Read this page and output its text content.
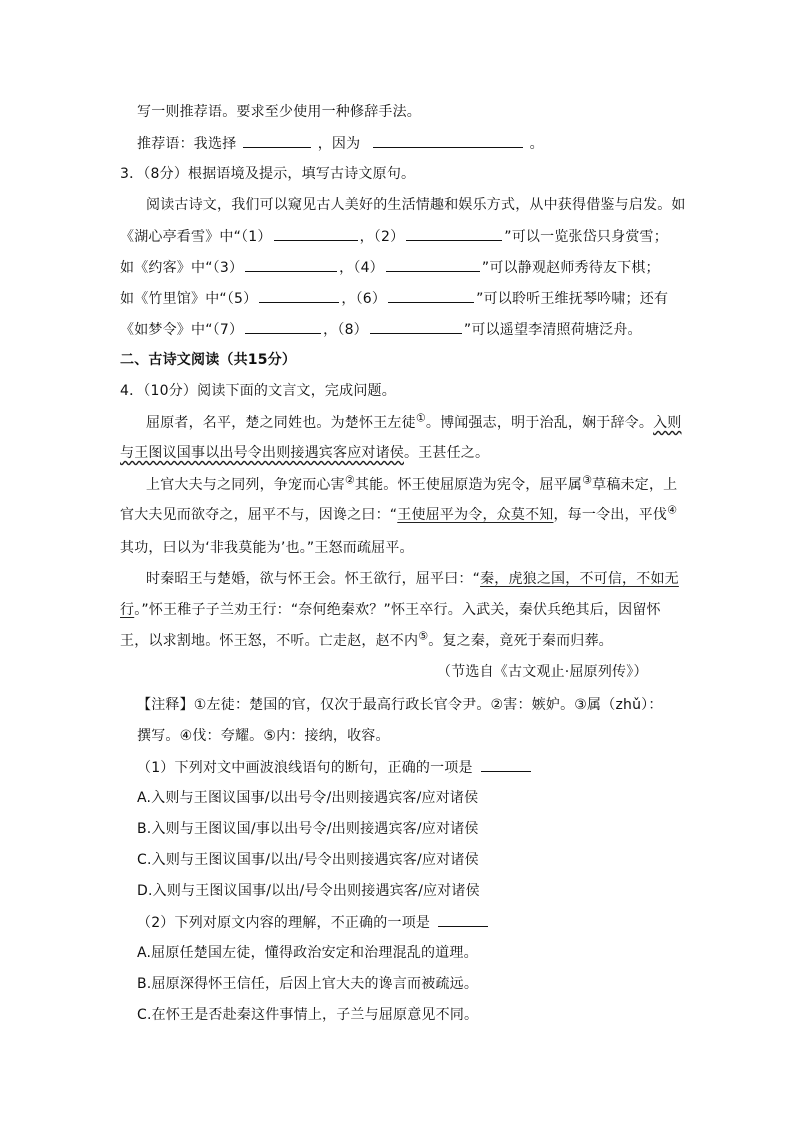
写一则推荐语。要求至少使用一种修辞手法。
推荐语：我选择	，因为	。
3．（8分）根据语境及提示，填写古诗文原句。
阅读古诗文，我们可以窥见古人美好的生活情趣和娱乐方式，从中获得借鉴与启发。如
《湖心亭看雪》中“（1）	，（2）	”可以一览张岱只身赏雪；
如《约客》中“（3）	，（4）	”可以静观赵师秀待友下棋；
如《竹里馆》中“（5）	，（6）	”可以聆听王维抚琴吟啸；还有
《如梦令》中“（7）	，（8）	”可以遥望李清照荷塘泛舟。
二、古诗文阅读（共15分）
4．（10分）阅读下面的文言文，完成问题。
屈原者，名平，楚之同姓也。为楚怀王左徒①。博闻强志，明于治乱，娴于辞令。入则
与王图议国事以出号令出则接遇宾客应对诸侯。王甚任之。
上官大夫与之同列，争宠而心害②其能。怀王使屈原造为宪令，屈平属③草稿未定，上
官大夫见而欲夺之，屈平不与，因谗之曰：“王使屈平为令，众莫不知，每一令出，平伐④
其功，曰以为‘非我莫能为’也。”王怒而疏屈平。
时秦昭王与楚婚，欲与怀王会。怀王欲行，屈平曰：“秦，虎狼之国，不可信，不如无
行。”怀王稚子子兰劝王行：“奈何绝秦欢？”怀王卒行。入武关，秦伏兵绝其后，因留怀
王，以求割地。怀王怒，不听。亡走赵，赵不内⑤。复之秦，竟死于秦而归葬。
（节选自《古文观止·屈原列传》）
【注释】①左徒：楚国的官，仅次于最高行政长官令尹。②害：嫉妒。③属（zhǔ）：
撰写。④伐：夸耀。⑤内：接纳，收容。
（1）下列对文中画波浪线语句的断句，正确的一项是
A.入则与王图议国事/以出号令/出则接遇宾客/应对诸侯
B.入则与王图议国/事以出号令/出则接遇宾客/应对诸侯
C.入则与王图议国事/以出/号令出则接遇宾客/应对诸侯
D.入则与王图议国事/以出/号令出则接遇宾客/应对诸侯
（2）下列对原文内容的理解，不正确的一项是
A.屈原任楚国左徒，懂得政治安定和治理混乱的道理。
B.屈原深得怀王信任，后因上官大夫的谗言而被疏远。
C.在怀王是否赴秦这件事情上，子兰与屈原意见不同。
